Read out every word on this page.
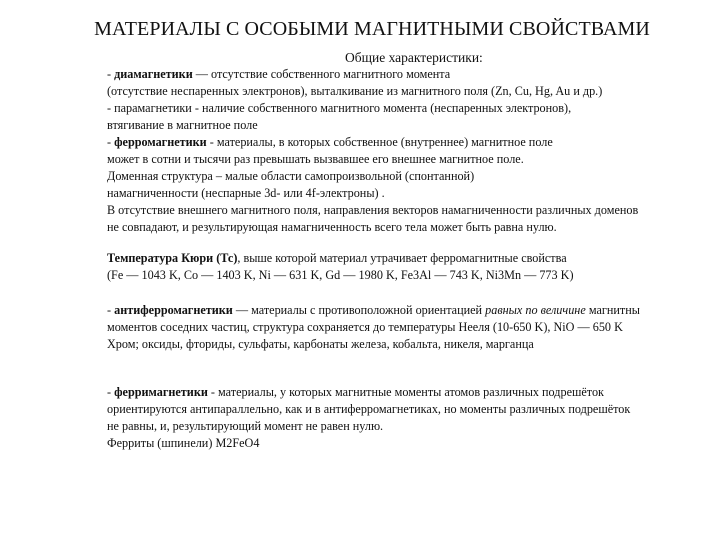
МАТЕРИАЛЫ С ОСОБЫМИ МАГНИТНЫМИ СВОЙСТВАМИ
Общие характеристики:
- диамагнетики — отсутствие собственного магнитного момента
(отсутствие неспаренных электронов), выталкивание из магнитного поля (Zn, Cu, Hg, Au и др.)
- парамагнетики - наличие собственного магнитного момента (неспаренных электронов),
втягивание в магнитное поле
- ферромагнетики - материалы, в которых собственное (внутреннее) магнитное поле
может в сотни и тысячи раз превышать вызвавшее его внешнее магнитное поле.
Доменная структура – малые области самопроизвольной (спонтанной)
намагниченности (неспарные 3d- или 4f-электроны) .
В отсутствие внешнего магнитного поля, направления векторов намагниченности различных доменов
не совпадают, и результирующая намагниченность всего тела может быть равна нулю.
Температура Кюри (Тс), выше которой материал утрачивает ферромагнитные свойства
(Fe — 1043 K, Co — 1403 K, Ni — 631 K, Gd — 1980 K, Fe3Al — 743 K, Ni3Mn — 773 K)
- антиферромагнетики — материалы с противоположной ориентацией равных по величине магнитны
моментов соседних частиц, структура сохраняется до температуры Нееля (10-650 K), NiO — 650 K
Хром; оксиды, фториды, сульфаты, карбонаты железа, кобальта, никеля, марганца
- ферримагнетики - материалы, у которых магнитные моменты атомов различных подрешёток
ориентируются антипараллельно, как и в антиферромагнетиках, но моменты различных подрешёток
не равны, и, результирующий момент не равен нулю.
Ферриты (шпинели) M2FeO4
